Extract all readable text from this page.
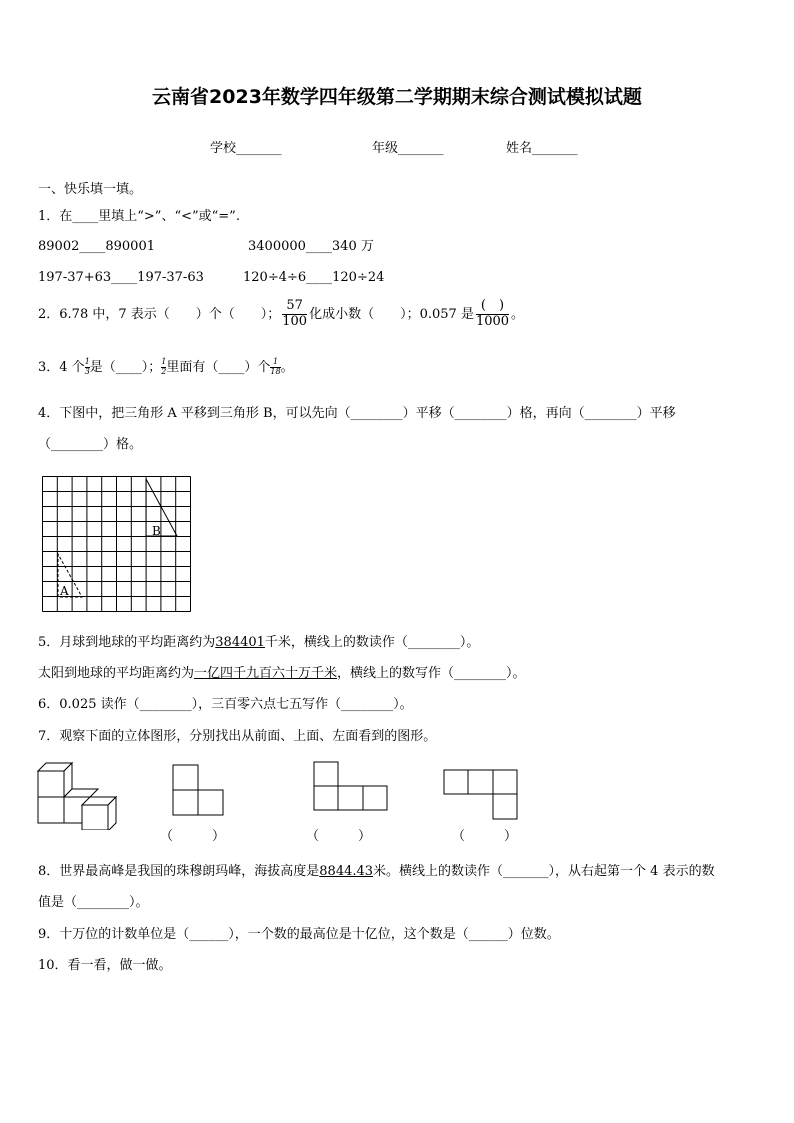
云南省2023年数学四年级第二学期期末综合测试模拟试题
学校_______	年级_______	姓名_______
一、快乐填一填。
1．在____里填上“>”、“<”或“=”.
89002____890001	3400000____340 万
197-37+63____197-37-63	120÷4÷6____120÷24
2．6.78 中，7 表示（　　）个（　　）； $\frac{57}{100}$ 化成小数（　　）；0.057 是 $\frac{( )}{1000}$ 。
3．4 个 $\frac{1}{3}$ 是（____）； $\frac{1}{2}$ 里面有（____）个 $\frac{1}{18}$ 。
4．下图中，把三角形 A 平移到三角形 B，可以先向（________）平移（________）格，再向（________）平移
（________）格。
B
A
5．月球到地球的平均距离约为384401千米，横线上的数读作（________）。
太阳到地球的平均距离约为一亿四千九百六十万千米，横线上的数写作（________）。
6．0.025 读作（________），三百零六点七五写作（________）。
7．观察下面的立体图形，分别找出从前面、上面、左面看到的图形。
（　　　）	（　　　）	（　　　）
8．世界最高峰是我国的珠穆朗玛峰，海拔高度是8844.43米。横线上的数读作（_______），从右起第一个 4 表示的数
值是（________）。
9．十万位的计数单位是（______），一个数的最高位是十亿位，这个数是（______）位数。
10．看一看，做一做。
